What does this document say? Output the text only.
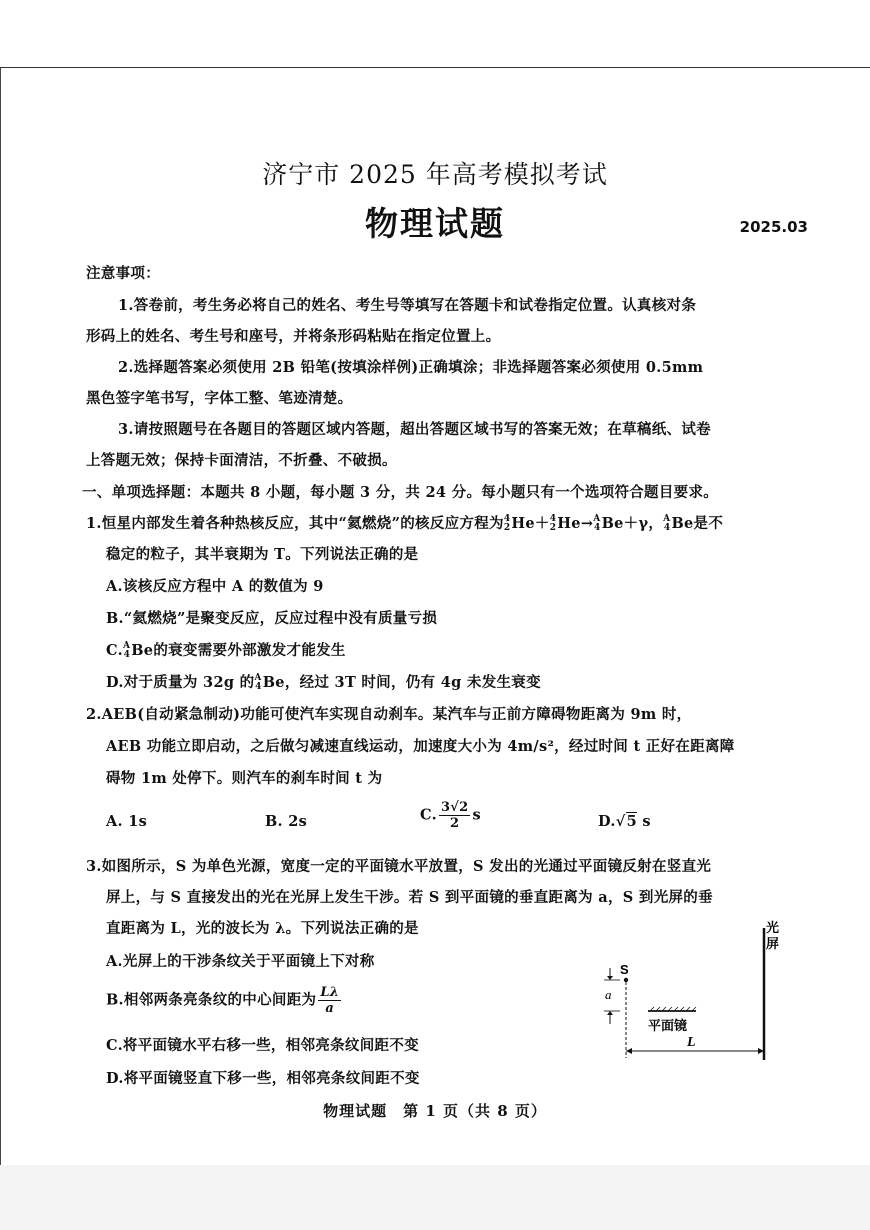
济宁市 2025 年高考模拟考试
物理试题	2025.03
注意事项：
1.答卷前，考生务必将自己的姓名、考生号等填写在答题卡和试卷指定位置。认真核对条
形码上的姓名、考生号和座号，并将条形码粘贴在指定位置上。
2.选择题答案必须使用 2B 铅笔(按填涂样例)正确填涂；非选择题答案必须使用 0.5mm
黑色签字笔书写，字体工整、笔迹清楚。
3.请按照题号在各题目的答题区域内答题，超出答题区域书写的答案无效；在草稿纸、试卷
上答题无效；保持卡面清洁，不折叠、不破损。
一、单项选择题：本题共 8 小题，每小题 3 分，共 24 分。每小题只有一个选项符合题目要求。
1.恒星内部发生着各种热核反应，其中“氦燃烧”的核反应方程为4
2He＋4
2He→A
4Be＋γ，A
4Be是不
稳定的粒子，其半衰期为 T。下列说法正确的是
A.该核反应方程中 A 的数值为 9
B.“氦燃烧”是聚变反应，反应过程中没有质量亏损
C.A
4Be的衰变需要外部激发才能发生
D.对于质量为 32g 的A
4Be，经过 3T 时间，仍有 4g 未发生衰变
2.AEB(自动紧急制动)功能可使汽车实现自动刹车。某汽车与正前方障碍物距离为 9m 时，
AEB 功能立即启动，之后做匀减速直线运动，加速度大小为 4m/s²，经过时间 t 正好在距离障
碍物 1m 处停下。则汽车的刹车时间 t 为
A. 1s	B. 2s	C. $\frac{3√2}{2}$ s	D.√5 s
3.如图所示，S 为单色光源，宽度一定的平面镜水平放置，S 发出的光通过平面镜反射在竖直光
屏上，与 S 直接发出的光在光屏上发生干涉。若 S 到平面镜的垂直距离为 a，S 到光屏的垂
直距离为 L，光的波长为 λ。下列说法正确的是
A.光屏上的干涉条纹关于平面镜上下对称
B.相邻两条亮条纹的中心间距为 $\frac{L\lambda}{a}$
C.将平面镜水平右移一些，相邻亮条纹间距不变
D.将平面镜竖直下移一些，相邻亮条纹间距不变
光
屏
S
a
平面镜
L
物理试题　第 1 页（共 8 页）
